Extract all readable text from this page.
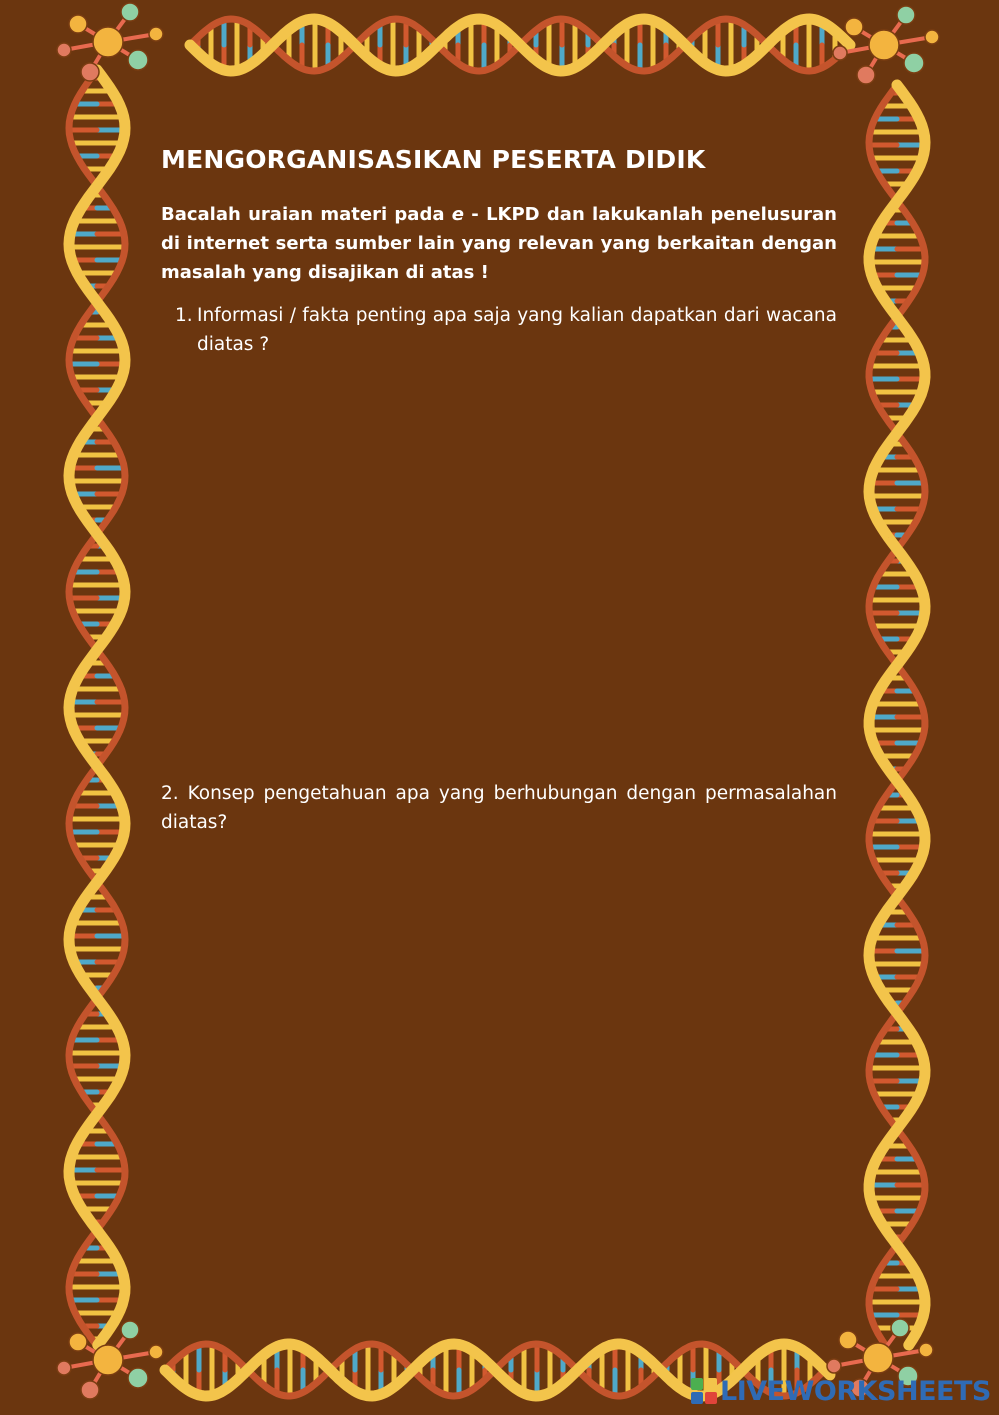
MENGORGANISASIKAN PESERTA DIDIK

Bacalah uraian materi pada e - LKPD dan lakukanlah penelusuran di internet serta sumber lain yang relevan yang berkaitan dengan masalah yang disajikan di atas !

1. Informasi / fakta penting apa saja yang kalian dapatkan dari wacana diatas ?

2. Konsep pengetahuan apa yang berhubungan dengan permasalahan diatas?

LIVEWORKSHEETS
